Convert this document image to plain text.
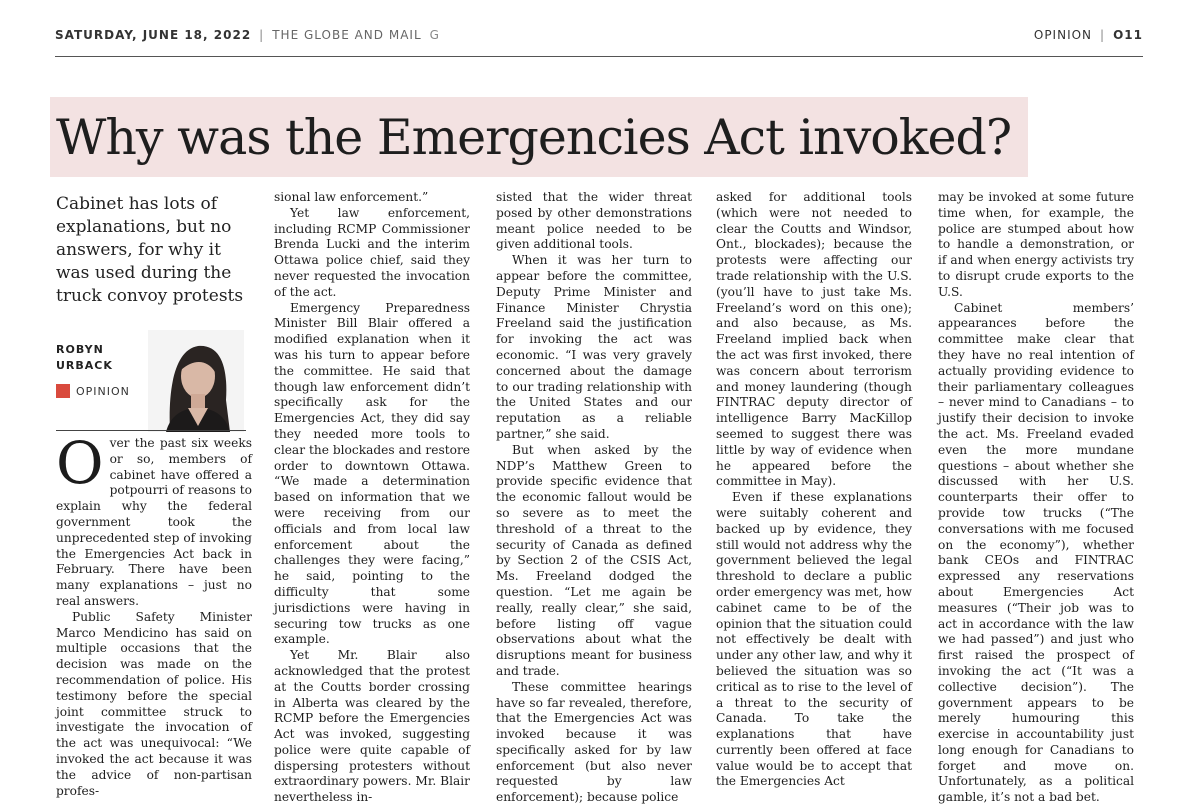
SATURDAY, JUNE 18, 2022 | THE GLOBE AND MAIL G	OPINION | O11
Why was the Emergencies Act invoked?
Cabinet has lots of explanations, but no answers, for why it was used during the truck convoy protests
ROBYN
URBACK
OPINION

Over the past six weeks or so, members of cabinet have offered a potpourri of reasons to explain why the federal government took the unprecedented step of invoking the Emergencies Act back in February. There have been many explanations – just no real answers.

Public Safety Minister Marco Mendicino has said on multiple occasions that the decision was made on the recommendation of police. His testimony before the special joint committee struck to investigate the invocation of the act was unequivocal: “We invoked the act because it was the advice of non-partisan profes-

sional law enforcement.”

Yet law enforcement, including RCMP Commissioner Brenda Lucki and the interim Ottawa police chief, said they never requested the invocation of the act.

Emergency Preparedness Minister Bill Blair offered a modified explanation when it was his turn to appear before the committee. He said that though law enforcement didn’t specifically ask for the Emergencies Act, they did say they needed more tools to clear the blockades and restore order to downtown Ottawa. “We made a determination based on information that we were receiving from our officials and from local law enforcement about the challenges they were facing,” he said, pointing to the difficulty that some jurisdictions were having in securing tow trucks as one example.

Yet Mr. Blair also acknowledged that the protest at the Coutts border crossing in Alberta was cleared by the RCMP before the Emergencies Act was invoked, suggesting police were quite capable of dispersing protesters without extraordinary powers. Mr. Blair nevertheless in-

sisted that the wider threat posed by other demonstrations meant police needed to be given additional tools.

When it was her turn to appear before the committee, Deputy Prime Minister and Finance Minister Chrystia Freeland said the justification for invoking the act was economic. “I was very gravely concerned about the damage to our trading relationship with the United States and our reputation as a reliable partner,” she said.

But when asked by the NDP’s Matthew Green to provide specific evidence that the economic fallout would be so severe as to meet the threshold of a threat to the security of Canada as defined by Section 2 of the CSIS Act, Ms. Freeland dodged the question. “Let me again be really, really clear,” she said, before listing off vague observations about what the disruptions meant for business and trade.

These committee hearings have so far revealed, therefore, that the Emergencies Act was invoked because it was specifically asked for by law enforcement (but also never requested by law enforcement); because police

asked for additional tools (which were not needed to clear the Coutts and Windsor, Ont., blockades); because the protests were affecting our trade relationship with the U.S. (you’ll have to just take Ms. Freeland’s word on this one); and also because, as Ms. Freeland implied back when the act was first invoked, there was concern about terrorism and money laundering (though FINTRAC deputy director of intelligence Barry MacKillop seemed to suggest there was little by way of evidence when he appeared before the committee in May).

Even if these explanations were suitably coherent and backed up by evidence, they still would not address why the government believed the legal threshold to declare a public order emergency was met, how cabinet came to be of the opinion that the situation could not effectively be dealt with under any other law, and why it believed the situation was so critical as to rise to the level of a threat to the security of Canada. To take the explanations that have currently been offered at face value would be to accept that the Emergencies Act

may be invoked at some future time when, for example, the police are stumped about how to handle a demonstration, or if and when energy activists try to disrupt crude exports to the U.S.

Cabinet members’ appearances before the committee make clear that they have no real intention of actually providing evidence to their parliamentary colleagues – never mind to Canadians – to justify their decision to invoke the act. Ms. Freeland evaded even the more mundane questions – about whether she discussed with her U.S. counterparts their offer to provide tow trucks (“The conversations with me focused on the economy”), whether bank CEOs and FINTRAC expressed any reservations about Emergencies Act measures (“Their job was to act in accordance with the law we had passed”) and just who first raised the prospect of invoking the act (“It was a collective decision”). The government appears to be merely humouring this exercise in accountability just long enough for Canadians to forget and move on. Unfortunately, as a political gamble, it’s not a bad bet.
